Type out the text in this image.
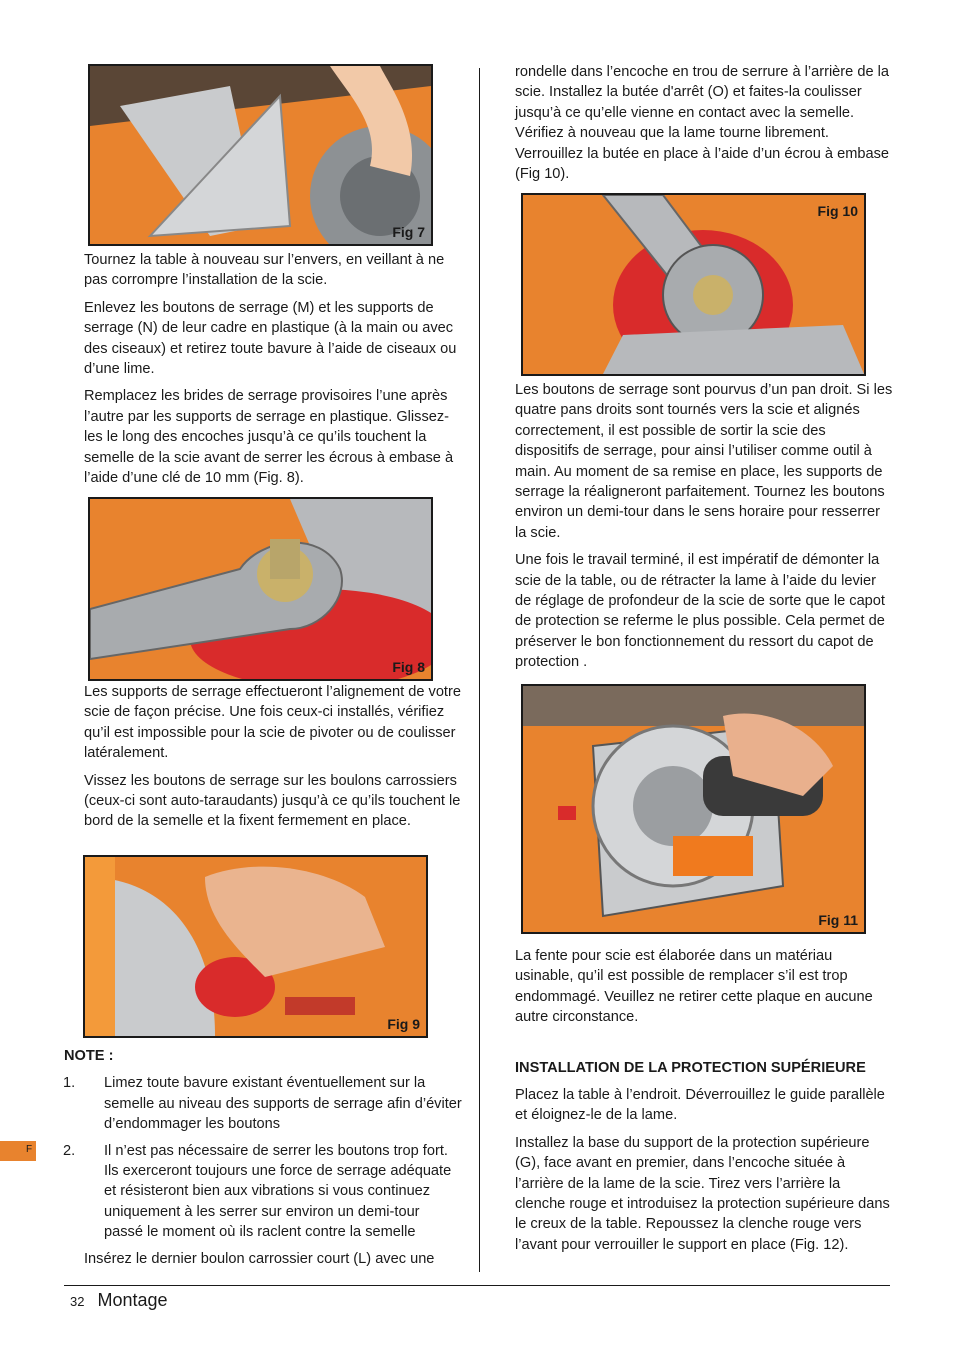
Fig 7
Fig 8
Fig 9
Fig 10
Fig 11

Tournez la table à nouveau sur l’envers, en veillant à ne pas corrompre l’installation de la scie.

Enlevez les boutons de serrage (M) et les supports de serrage (N) de leur cadre en plastique (à la main ou avec des ciseaux) et retirez toute bavure à l’aide de ciseaux ou d’une lime.

Remplacez les brides de serrage provisoires l’une après l’autre par les supports de serrage en plastique. Glissez-les le long des encoches jusqu’à ce qu’ils touchent la semelle de la scie avant de serrer les écrous à embase à l’aide d’une clé de 10 mm (Fig. 8).

Les supports de serrage effectueront l’alignement de votre scie de façon précise. Une fois ceux-ci installés, vérifiez qu’il est impossible pour la scie de pivoter ou de coulisser latéralement.

Vissez les boutons de serrage sur les boulons carrossiers (ceux-ci sont auto-taraudants) jusqu’à ce qu’ils touchent le bord de la semelle et la fixent fermement en place.

NOTE :

1. Limez toute bavure existant éventuellement sur la semelle au niveau des supports de serrage afin d’éviter d’endommager les boutons
2. Il n’est pas nécessaire de serrer les boutons trop fort. Ils exerceront toujours une force de serrage adéquate et résisteront bien aux vibrations si vous continuez uniquement à les serrer sur environ un demi-tour passé le moment où ils raclent contre la semelle

Insérez le dernier boulon carrossier court (L) avec une

rondelle dans l’encoche en trou de serrure à l’arrière de la scie. Installez la butée d'arrêt (O) et faites-la coulisser jusqu’à ce qu’elle vienne en contact avec la semelle. Vérifiez à nouveau que la lame tourne librement. Verrouillez la butée en place à l’aide d’un écrou à embase (Fig 10).

Les boutons de serrage sont pourvus d’un pan droit. Si les quatre pans droits sont tournés vers la scie et alignés correctement, il est possible de sortir la scie des dispositifs de serrage, pour ainsi l’utiliser comme outil à main. Au moment de sa remise en place, les supports de serrage la réaligneront parfaitement. Tournez les boutons environ un demi-tour dans le sens horaire pour resserrer la scie.

Une fois le travail terminé, il est impératif de démonter la scie de la table, ou de rétracter la lame à l’aide du levier de réglage de profondeur de la scie de sorte que le capot de protection se referme le plus possible. Cela permet de préserver le bon fonctionnement du ressort du capot de protection .

La fente pour scie est élaborée dans un matériau usinable, qu’il est possible de remplacer s’il est trop endommagé. Veuillez ne retirer cette plaque en aucune autre circonstance.

INSTALLATION DE LA PROTECTION SUPÉRIEURE

Placez la table à l’endroit. Déverrouillez le guide parallèle et éloignez-le de la lame.

Installez la base du support de la protection supérieure (G), face avant en premier, dans l’encoche située à l’arrière de la lame de la scie. Tirez vers l’arrière la clenche rouge et introduisez la protection supérieure dans le creux de la table. Repoussez la clenche rouge vers l’avant pour verrouiller le support en place (Fig. 12).

F
32 Montage
